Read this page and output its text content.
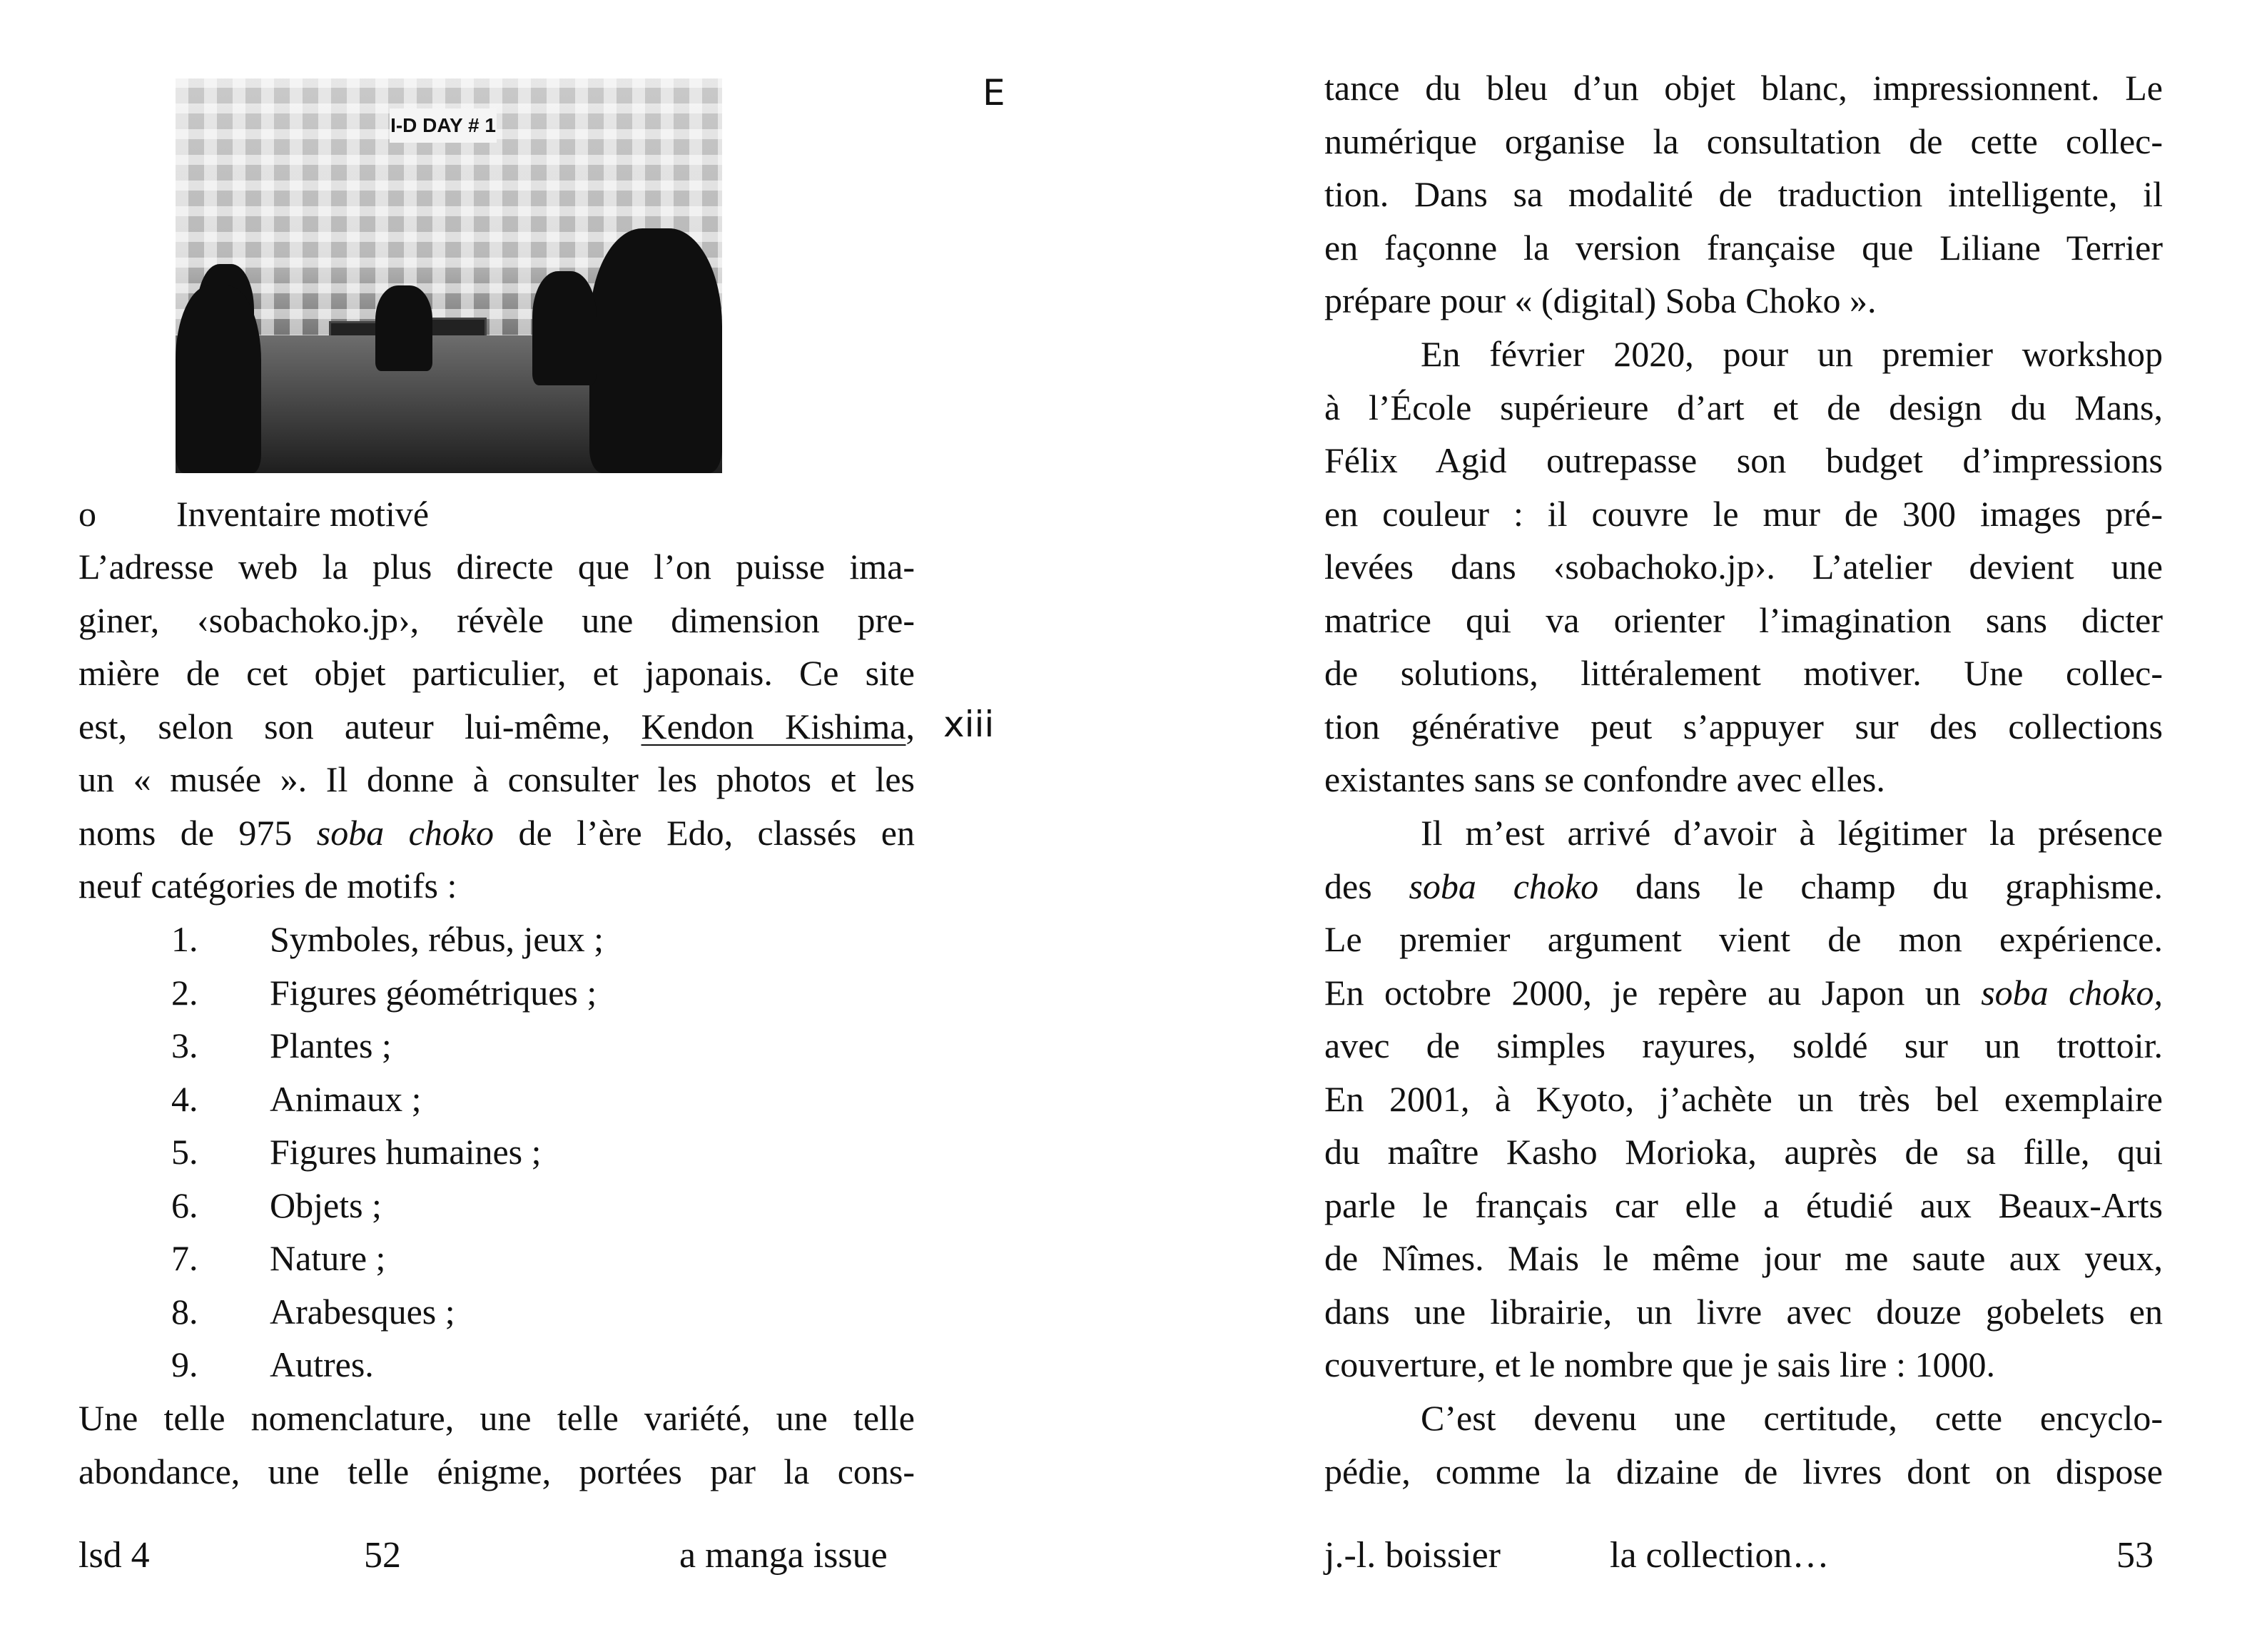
I-D DAY # 1
o Inventaire motivé
L’adresse web la plus directe que l’on puisse ima-
giner, ‹sobachoko.jp›, révèle une dimension pre-
mière de cet objet particulier, et japonais. Ce site
est, selon son auteur lui-même, Kendon Kishima,
un « musée ». Il donne à consulter les photos et les
noms de 975 soba choko de l’ère Edo, classés en
neuf catégories de motifs :
1. Symboles, rébus, jeux ;
2. Figures géométriques ;
3. Plantes ;
4. Animaux ;
5. Figures humaines ;
6. Objets ;
7. Nature ;
8. Arabesques ;
9. Autres.
Une telle nomenclature, une telle variété, une telle
abondance, une telle énigme, portées par la cons-
lsd 4	52	a manga issue
E
xiii
tance du bleu d’un objet blanc, impressionnent. Le
numérique organise la consultation de cette collec-
tion. Dans sa modalité de traduction intelligente, il
en façonne la version française que Liliane Terrier
prépare pour « (digital) Soba Choko ».
En février 2020, pour un premier workshop
à l’École supérieure d’art et de design du Mans,
Félix Agid outrepasse son budget d’impressions
en couleur : il couvre le mur de 300 images pré-
levées dans ‹sobachoko.jp›. L’atelier devient une
matrice qui va orienter l’imagination sans dicter
de solutions, littéralement motiver. Une collec-
tion générative peut s’appuyer sur des collections
existantes sans se confondre avec elles.
Il m’est arrivé d’avoir à légitimer la présence
des soba choko dans le champ du graphisme.
Le premier argument vient de mon expérience.
En octobre 2000, je repère au Japon un soba choko,
avec de simples rayures, soldé sur un trottoir.
En 2001, à Kyoto, j’achète un très bel exemplaire
du maître Kasho Morioka, auprès de sa fille, qui
parle le français car elle a étudié aux Beaux-Arts
de Nîmes. Mais le même jour me saute aux yeux,
dans une librairie, un livre avec douze gobelets en
couverture, et le nombre que je sais lire : 1000.
C’est devenu une certitude, cette encyclo-
pédie, comme la dizaine de livres dont on dispose
j.-l. boissier	la collection…	53
